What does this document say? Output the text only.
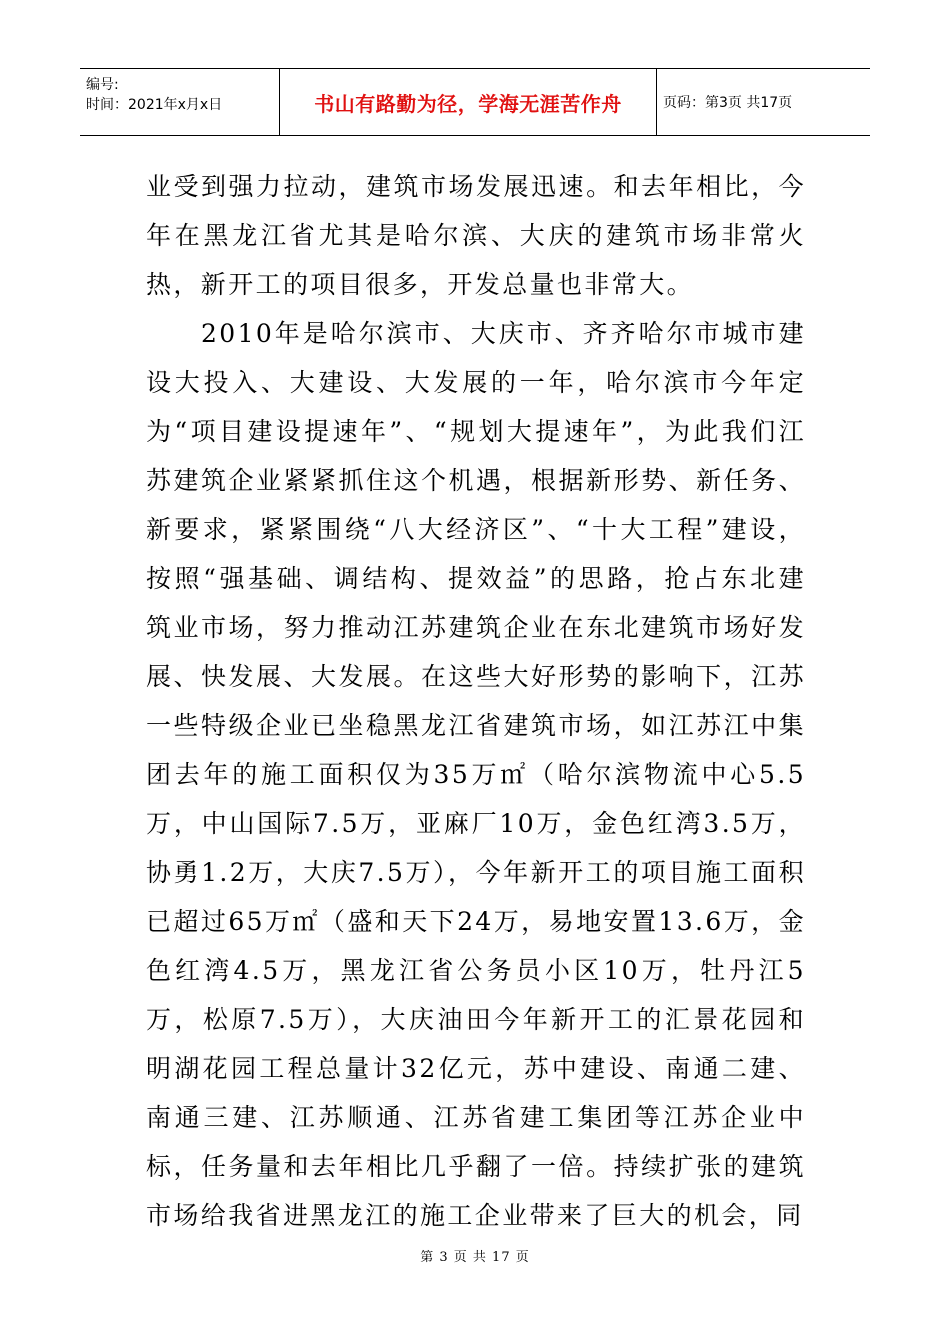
编号:
时间：2021年x月x日	书山有路勤为径，学海无涯苦作舟	页码：第3页 共17页

业受到强力拉动，建筑市场发展迅速。和去年相比，今年在黑龙江省尤其是哈尔滨、大庆的建筑市场非常火热，新开工的项目很多，开发总量也非常大。

2010年是哈尔滨市、大庆市、齐齐哈尔市城市建设大投入、大建设、大发展的一年，哈尔滨市今年定为“项目建设提速年”、“规划大提速年”，为此我们江苏建筑企业紧紧抓住这个机遇，根据新形势、新任务、新要求，紧紧围绕“八大经济区”、“十大工程”建设，按照“强基础、调结构、提效益”的思路，抢占东北建筑业市场，努力推动江苏建筑企业在东北建筑市场好发展、快发展、大发展。在这些大好形势的影响下，江苏一些特级企业已坐稳黑龙江省建筑市场，如江苏江中集团去年的施工面积仅为35万㎡（哈尔滨物流中心5.5万，中山国际7.5万，亚麻厂10万，金色红湾3.5万，协勇1.2万，大庆7.5万），今年新开工的项目施工面积已超过65万㎡（盛和天下24万，易地安置13.6万，金色红湾4.5万，黑龙江省公务员小区10万，牡丹江5万，松原7.5万），大庆油田今年新开工的汇景花园和明湖花园工程总量计32亿元，苏中建设、南通二建、南通三建、江苏顺通、江苏省建工集团等江苏企业中标，任务量和去年相比几乎翻了一倍。持续扩张的建筑市场给我省进黑龙江的施工企业带来了巨大的机会，同

第 3 页 共 17 页
